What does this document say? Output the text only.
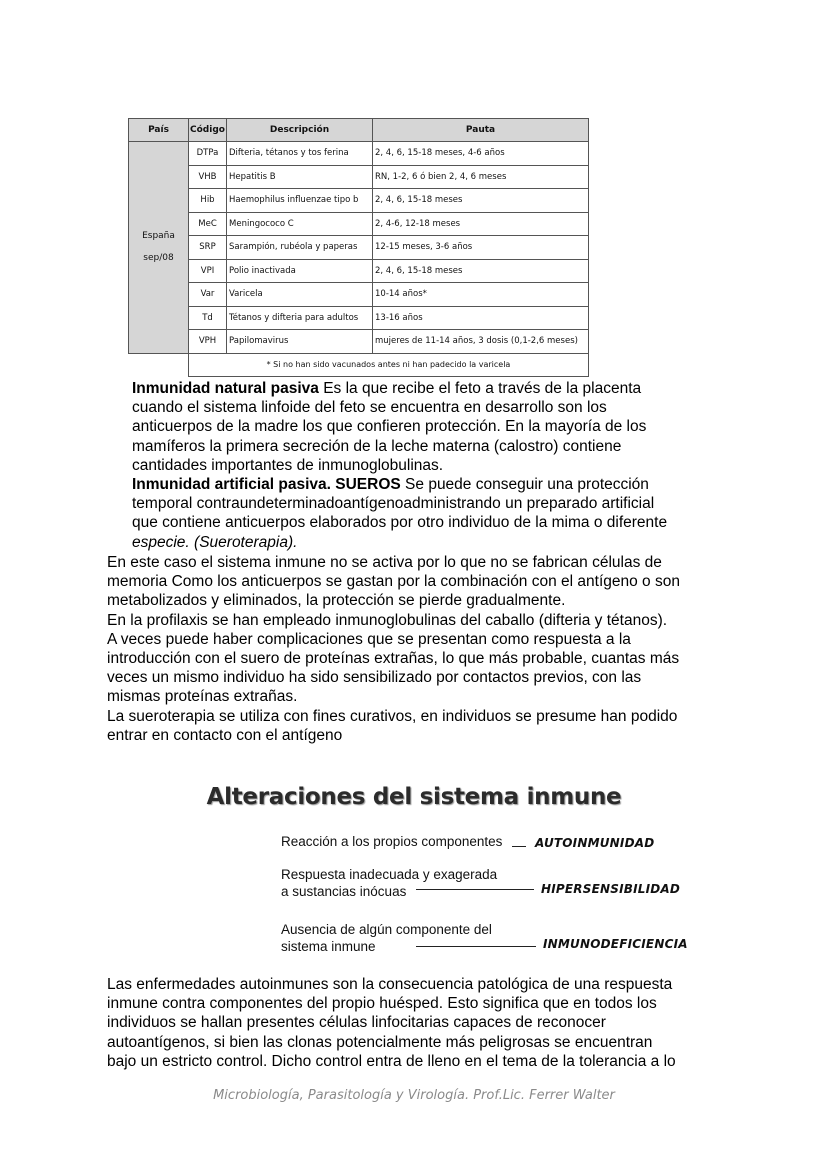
País	Código	Descripción	Pauta

España sep/08	DTPa	Difteria, tétanos y tos ferina	2, 4, 6, 15-18 meses, 4-6 años
	VHB	Hepatitis B	RN, 1-2, 6 ó bien 2, 4, 6 meses
	Hib	Haemophilus influenzae tipo b	2, 4, 6, 15-18 meses
	MeC	Meningococo C	2, 4-6, 12-18 meses
	SRP	Sarampión, rubéola y paperas	12-15 meses, 3-6 años
	VPI	Polio inactivada	2, 4, 6, 15-18 meses
	Var	Varicela	10-14 años*
	Td	Tétanos y difteria para adultos	13-16 años
	VPH	Papilomavirus	mujeres de 11-14 años, 3 dosis (0,1-2,6 meses)
	* Si no han sido vacunados antes ni han padecido la varicela		
Inmunidad natural pasiva Es la que recibe el feto a través de la placenta
cuando el sistema linfoide del feto se encuentra en desarrollo son los
anticuerpos de la madre los que confieren protección. En la mayoría de los
mamíferos la primera secreción de la leche materna (calostro) contiene
cantidades importantes de inmunoglobulinas.
Inmunidad artificial pasiva. SUEROS Se puede conseguir una protección
temporal contraundeterminadoantígenoadministrando un preparado artificial
que contiene anticuerpos elaborados por otro individuo de la mima o diferente
especie. (Sueroterapia).
En este caso el sistema inmune no se activa por lo que no se fabrican células de
memoria Como los anticuerpos se gastan por la combinación con el antígeno o son
metabolizados y eliminados, la protección se pierde gradualmente.
En la profilaxis se han empleado inmunoglobulinas del caballo (difteria y tétanos).
A veces puede haber complicaciones que se presentan como respuesta a la
introducción con el suero de proteínas extrañas, lo que más probable, cuantas más
veces un mismo individuo ha sido sensibilizado por contactos previos, con las
mismas proteínas extrañas.
La sueroterapia se utiliza con fines curativos, en individuos se presume han podido
entrar en contacto con el antígeno
Alteraciones del sistema inmune
Reacción a los propios componentes	AUTOINMUNIDAD
Respuesta inadecuada y exagerada
a sustancias inócuas	HIPERSENSIBILIDAD
Ausencia de algún componente del
sistema inmune	INMUNODEFICIENCIA
Las enfermedades autoinmunes son la consecuencia patológica de una respuesta
inmune contra componentes del propio huésped. Esto significa que en todos los
individuos se hallan presentes células linfocitarias capaces de reconocer
autoantígenos, si bien las clonas potencialmente más peligrosas se encuentran
bajo un estricto control. Dicho control entra de lleno en el tema de la tolerancia a lo
Microbiología, Parasitología y Virología. Prof.Lic. Ferrer Walter
